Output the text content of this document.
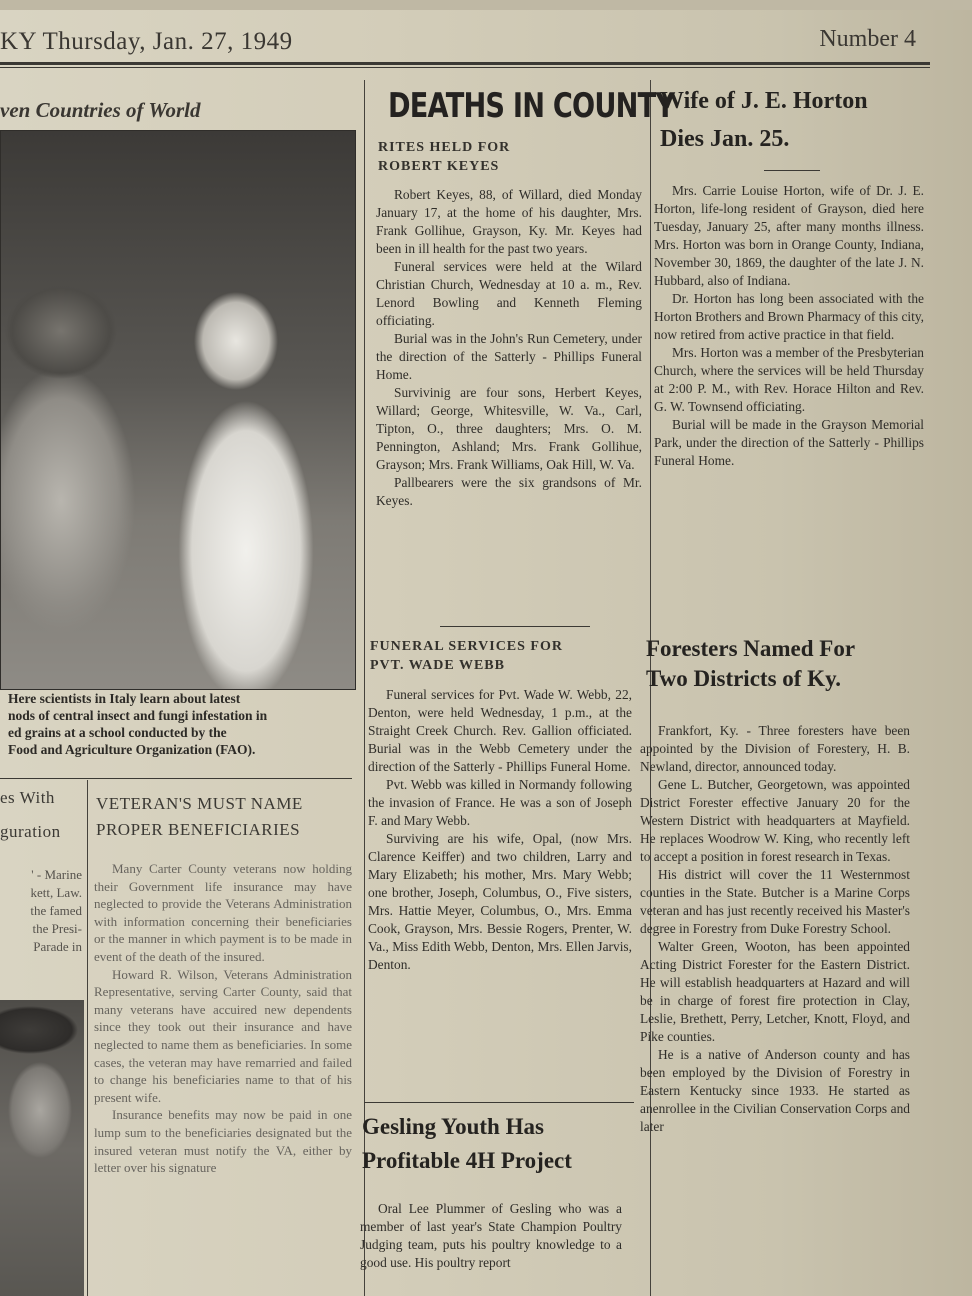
KY Thursday, Jan. 27, 1949	Number 4
ven Countries of World
Here scientists in Italy learn about latest
nods of central insect and fungi infestation in
ed grains at a school conducted by the
Food and Agriculture Organization (FAO).
es With
guration
' - Marine
kett, Law.
the famed
the Presi-
Parade in
VETERAN'S MUST NAME
PROPER BENEFICIARIES

Many Carter County veterans now holding their Government life insurance may have neglected to provide the Veterans Administration with information concerning their beneficiaries or the manner in which payment is to be made in event of the death of the insured.

Howard R. Wilson, Veterans Administration Representative, serving Carter County, said that many veterans have accuired new dependents since they took out their insurance and have neglected to name them as beneficiaries. In some cases, the veteran may have remarried and failed to change his beneficiaries name to that of his present wife.

Insurance benefits may now be paid in one lump sum to the beneficiaries designated but the insured veteran must notify the VA, either by letter over his signature

DEATHS IN COUNTY
RITES HELD FOR
ROBERT KEYES

Robert Keyes, 88, of Willard, died Monday January 17, at the home of his daughter, Mrs. Frank Gollihue, Grayson, Ky. Mr. Keyes had been in ill health for the past two years.

Funeral services were held at the Wilard Christian Church, Wednesday at 10 a. m., Rev. Lenord Bowling and Kenneth Fleming officiating.

Burial was in the John's Run Cemetery, under the direction of the Satterly - Phillips Funeral Home.

Survivinig are four sons, Herbert Keyes, Willard; George, Whitesville, W. Va., Carl, Tipton, O., three daughters; Mrs. O. M. Pennington, Ashland; Mrs. Frank Gollihue, Grayson; Mrs. Frank Williams, Oak Hill, W. Va.

Pallbearers were the six grandsons of Mr. Keyes.

FUNERAL SERVICES FOR
PVT. WADE WEBB

Funeral services for Pvt. Wade W. Webb, 22, Denton, were held Wednesday, 1 p.m., at the Straight Creek Church. Rev. Gallion officiated. Burial was in the Webb Cemetery under the direction of the Satterly - Phillips Funeral Home.

Pvt. Webb was killed in Normandy following the invasion of France. He was a son of Joseph F. and Mary Webb.

Surviving are his wife, Opal, (now Mrs. Clarence Keiffer) and two children, Larry and Mary Elizabeth; his mother, Mrs. Mary Webb; one brother, Joseph, Columbus, O., Five sisters, Mrs. Hattie Meyer, Columbus, O., Mrs. Emma Cook, Grayson, Mrs. Bessie Rogers, Prenter, W. Va., Miss Edith Webb, Denton, Mrs. Ellen Jarvis, Denton.

Gesling Youth Has
Profitable 4H Project

Oral Lee Plummer of Gesling who was a member of last year's State Champion Poultry Judging team, puts his poultry knowledge to a good use. His poultry report

Wife of J. E. Horton
Dies Jan. 25.

Mrs. Carrie Louise Horton, wife of Dr. J. E. Horton, life-long resident of Grayson, died here Tuesday, January 25, after many months illness. Mrs. Horton was born in Orange County, Indiana, November 30, 1869, the daughter of the late J. N. Hubbard, also of Indiana.

Dr. Horton has long been associated with the Horton Brothers and Brown Pharmacy of this city, now retired from active practice in that field.

Mrs. Horton was a member of the Presbyterian Church, where the services will be held Thursday at 2:00 P. M., with Rev. Horace Hilton and Rev. G. W. Townsend officiating.

Burial will be made in the Grayson Memorial Park, under the direction of the Satterly - Phillips Funeral Home.

Foresters Named For
Two Districts of Ky.

Frankfort, Ky. - Three foresters have been appointed by the Division of Forestery, H. B. Newland, director, announced today.

Gene L. Butcher, Georgetown, was appointed District Forester effective January 20 for the Western District with headquarters at Mayfield. He replaces Woodrow W. King, who recently left to accept a position in forest research in Texas.

His district will cover the 11 Westernmost counties in the State. Butcher is a Marine Corps veteran and has just recently received his Master's degree in Forestry from Duke Forestry School.

Walter Green, Wooton, has been appointed Acting District Forester for the Eastern District. He will establish headquarters at Hazard and will be in charge of forest fire protection in Clay, Leslie, Brethett, Perry, Letcher, Knott, Floyd, and Pike counties.

He is a native of Anderson county and has been employed by the Division of Forestry in Eastern Kentucky since 1933. He started as anenrollee in the Civilian Conservation Corps and later
